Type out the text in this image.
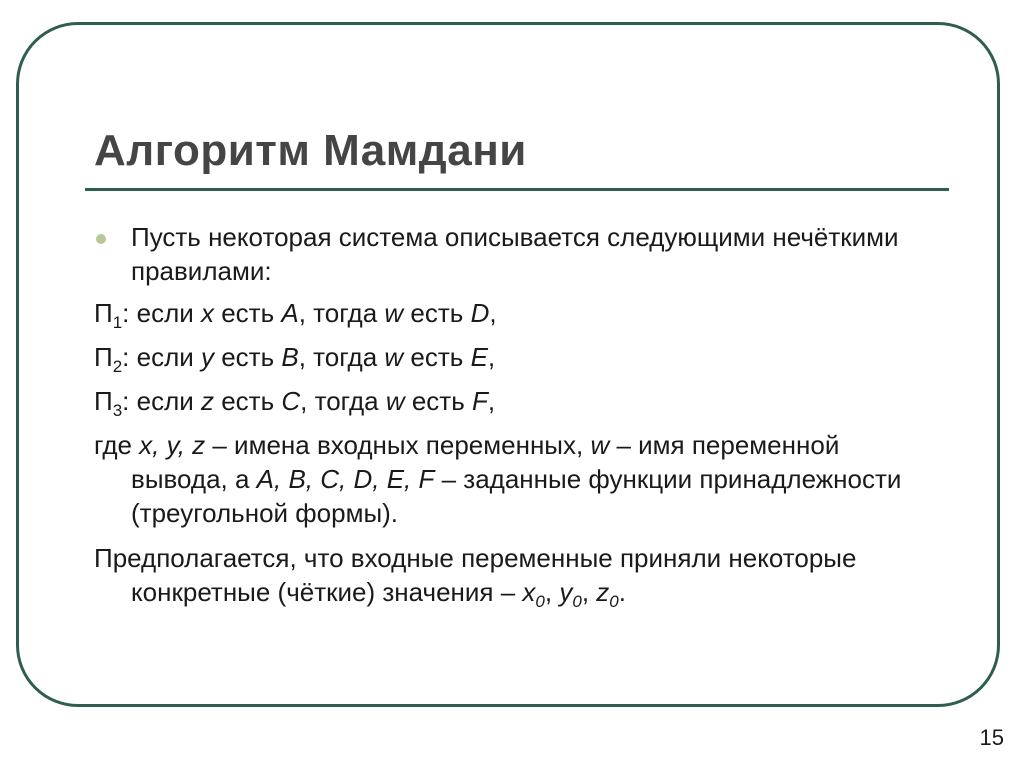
Алгоритм Мамдани
Пусть некоторая система описывается следующими нечёткими правилами:
$П_1$: если x есть A, тогда w есть D,
$П_2$: если y есть B, тогда w есть E,
$П_3$: если z есть C, тогда w есть F,
где x, y, z – имена входных переменных, w – имя переменной вывода, а A, B, C, D, E, F – заданные функции принадлежности (треугольной формы).
Предполагается, что входные переменные приняли некоторые конкретные (чёткие) значения – $x_0$, $y_0$, $z_0$.
15
